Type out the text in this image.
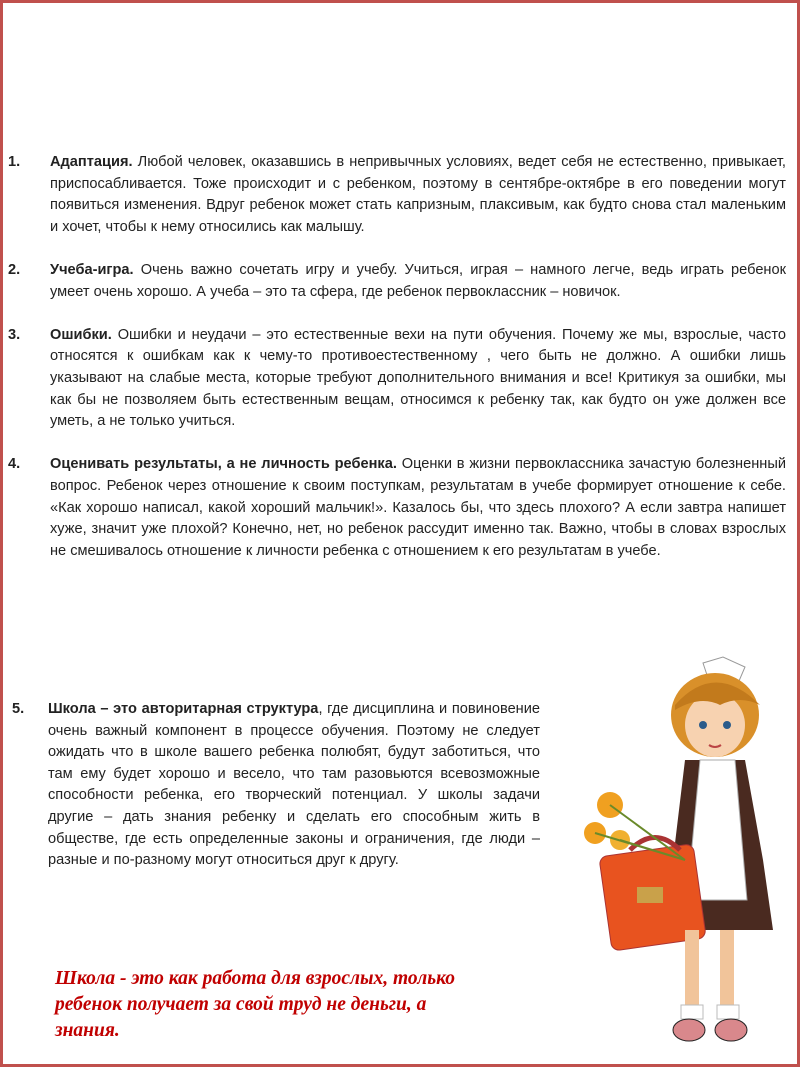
1.	Адаптация. Любой человек, оказавшись в непривычных условиях, ведет себя не естественно, привыкает, приспосабливается. Тоже происходит и с ребенком, поэтому в сентябре-октябре в его поведении могут появиться изменения. Вдруг ребенок может стать капризным, плаксивым, как будто снова стал маленьким и хочет, чтобы к нему относились как малышу.
2.	Учеба-игра. Очень важно сочетать игру и учебу. Учиться, играя – намного легче, ведь играть ребенок умеет очень хорошо. А учеба – это та сфера, где ребенок первоклассник – новичок.
3.	Ошибки. Ошибки и неудачи – это естественные вехи на пути обучения. Почему же мы, взрослые, часто относятся к ошибкам как к чему-то противоестественному , чего быть не должно. А ошибки лишь указывают на слабые места, которые требуют дополнительного внимания и все! Критикуя за ошибки, мы как бы не позволяем быть естественным вещам, относимся к ребенку так, как будто он уже должен все уметь, а не только учиться.
4.	Оценивать результаты, а не личность ребенка. Оценки в жизни первоклассника зачастую болезненный вопрос. Ребенок через отношение к своим поступкам, результатам в учебе формирует отношение к себе. «Как хорошо написал, какой хороший мальчик!». Казалось бы, что здесь плохого? А если завтра напишет хуже, значит уже плохой? Конечно, нет, но ребенок рассудит именно так. Важно, чтобы в словах взрослых не смешивалось отношение к личности ребенка с отношением к его результатам в учебе.
5.	Школа – это авторитарная структура, где дисциплина и повиновение очень важный компонент в процессе обучения. Поэтому не следует ожидать что в школе вашего ребенка полюбят, будут заботиться, что там ему будет хорошо и весело, что там разовьются всевозможные способности ребенка, его творческий потенциал. У школы задачи другие – дать знания ребенку и сделать его способным жить в обществе, где есть определенные законы и ограничения, где люди – разные и по-разному могут относиться друг к другу.
Школа - это как работа для взрослых, только ребенок получает за свой труд не деньги, а знания.
